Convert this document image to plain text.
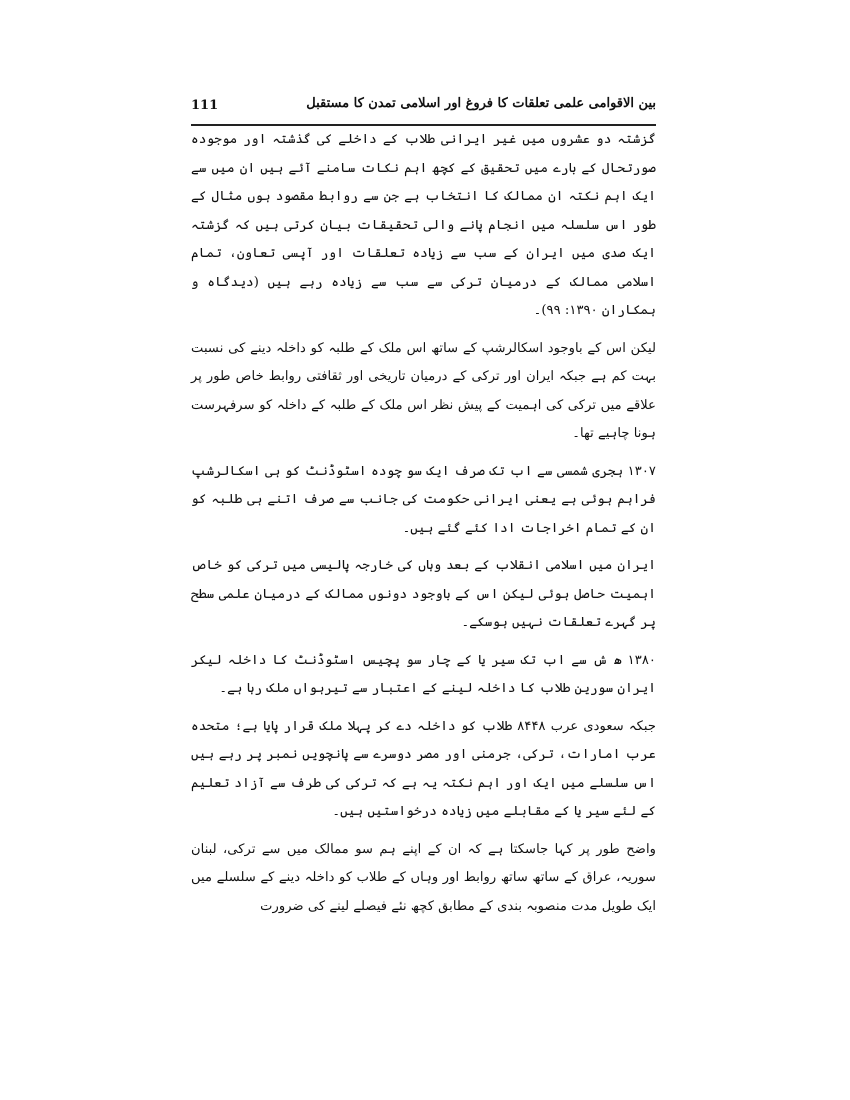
بین الاقوامی علمی تعلقات کا فروغ اور اسلامی تمدن کا مستقبل
111

گزشتہ دو عشروں میں غیر ایرانی طلاب کے داخلے کی گذشتہ اور موجودہ صورتحال کے بارے میں تحقیق کے کچھ اہم نکات سامنے آئے ہیں ان میں سے ایک اہم نکتہ ان ممالک کا انتخاب ہے جن سے روابط مقصود ہوں مثال کے طور اس سلسلہ میں انجام پانے والی تحقیقات بیان کرتی ہیں کہ گزشتہ ایک صدی میں ایران کے سب سے زیادہ تعلقات اور آپسی تعاون، تمام اسلامی ممالک کے درمیان ترکی سے سب سے زیادہ رہے ہیں (دیدگاہ و ہمکاران ۱۳۹۰: ۹۹)۔

لیکن اس کے باوجود اسکالرشپ کے ساتھ اس ملک کے طلبہ کو داخلہ دینے کی نسبت بہت کم ہے جبکہ ایران اور ترکی کے درمیان تاریخی اور ثقافتی روابط خاص طور پر علاقے میں ترکی کی اہمیت کے پیش نظر اس ملک کے طلبہ کے داخلہ کو سرفہرست ہونا چاہیے تھا۔

۱۳۰۷ ہجری شمسی سے اب تک صرف ایک سو چودہ اسٹوڈنٹ کو ہی اسکالرشپ فراہم ہوئی ہے یعنی ایرانی حکومت کی جانب سے صرف اتنے ہی طلبہ کو ان کے تمام اخراجات ادا کئے گئے ہیں۔

ایران میں اسلامی انقلاب کے بعد وہاں کی خارجہ پالیسی میں ترکی کو خاص اہمیت حاصل ہوئی لیکن اس کے باوجود دونوں ممالک کے درمیان علمی سطح پر گہرے تعلقات نہیں ہوسکے۔

۱۳۸۰ ھ ش سے اب تک سیر یا کے چار سو پچیس اسٹوڈنٹ کا داخلہ لیکر ایران سورین طلاب کا داخلہ لینے کے اعتبار سے تیرہواں ملک رہا ہے۔

جبکہ سعودی عرب ۸۴۴۸ طلاب کو داخلہ دے کر پہلا ملک قرار پایا ہے؛ متحدہ عرب امارات، ترکی، جرمنی اور مصر دوسرے سے پانچویں نمبر پر رہے ہیں اس سلسلے میں ایک اور اہم نکتہ یہ ہے کہ ترکی کی طرف سے آزاد تعلیم کے لئے سیر یا کے مقابلے میں زیادہ درخواستیں ہیں۔

واضح طور پر کہا جاسکتا ہے کہ ان کے اپنے ہم سو ممالک میں سے ترکی، لبنان سوریہ، عراق کے ساتھ ساتھ روابط اور وہاں کے طلاب کو داخلہ دینے کے سلسلے میں ایک طویل مدت منصوبہ بندی کے مطابق کچھ نئے فیصلے لینے کی ضرورت
